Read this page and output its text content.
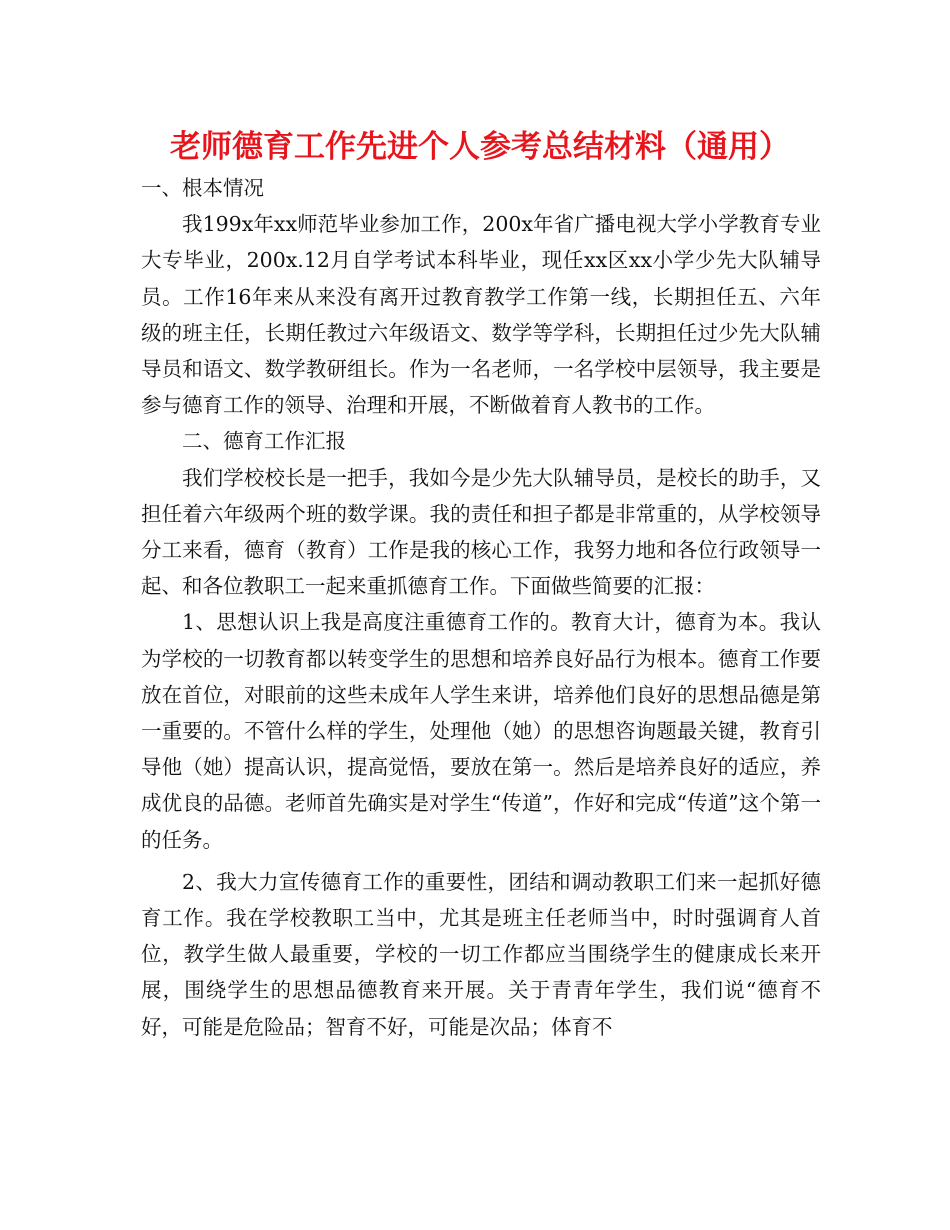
老师德育工作先进个人参考总结材料（通用）

一、根本情况

我199x年xx师范毕业参加工作，200x年省广播电视大学小学教育专业大专毕业，200x.12月自学考试本科毕业，现任xx区xx小学少先大队辅导员。工作16年来从来没有离开过教育教学工作第一线，长期担任五、六年级的班主任，长期任教过六年级语文、数学等学科，长期担任过少先大队辅导员和语文、数学教研组长。作为一名老师，一名学校中层领导，我主要是参与德育工作的领导、治理和开展，不断做着育人教书的工作。

二、德育工作汇报

我们学校校长是一把手，我如今是少先大队辅导员，是校长的助手，又担任着六年级两个班的数学课。我的责任和担子都是非常重的，从学校领导分工来看，德育（教育）工作是我的核心工作，我努力地和各位行政领导一起、和各位教职工一起来重抓德育工作。下面做些简要的汇报：

1、思想认识上我是高度注重德育工作的。教育大计，德育为本。我认为学校的一切教育都以转变学生的思想和培养良好品行为根本。德育工作要放在首位，对眼前的这些未成年人学生来讲，培养他们良好的思想品德是第一重要的。不管什么样的学生，处理他（她）的思想咨询题最关键，教育引导他（她）提高认识，提高觉悟，要放在第一。然后是培养良好的适应，养成优良的品德。老师首先确实是对学生“传道”，作好和完成“传道”这个第一的任务。

2、我大力宣传德育工作的重要性，团结和调动教职工们来一起抓好德育工作。我在学校教职工当中，尤其是班主任老师当中，时时强调育人首位，教学生做人最重要，学校的一切工作都应当围绕学生的健康成长来开展，围绕学生的思想品德教育来开展。关于青青年学生，我们说“德育不好，可能是危险品；智育不好，可能是次品；体育不
